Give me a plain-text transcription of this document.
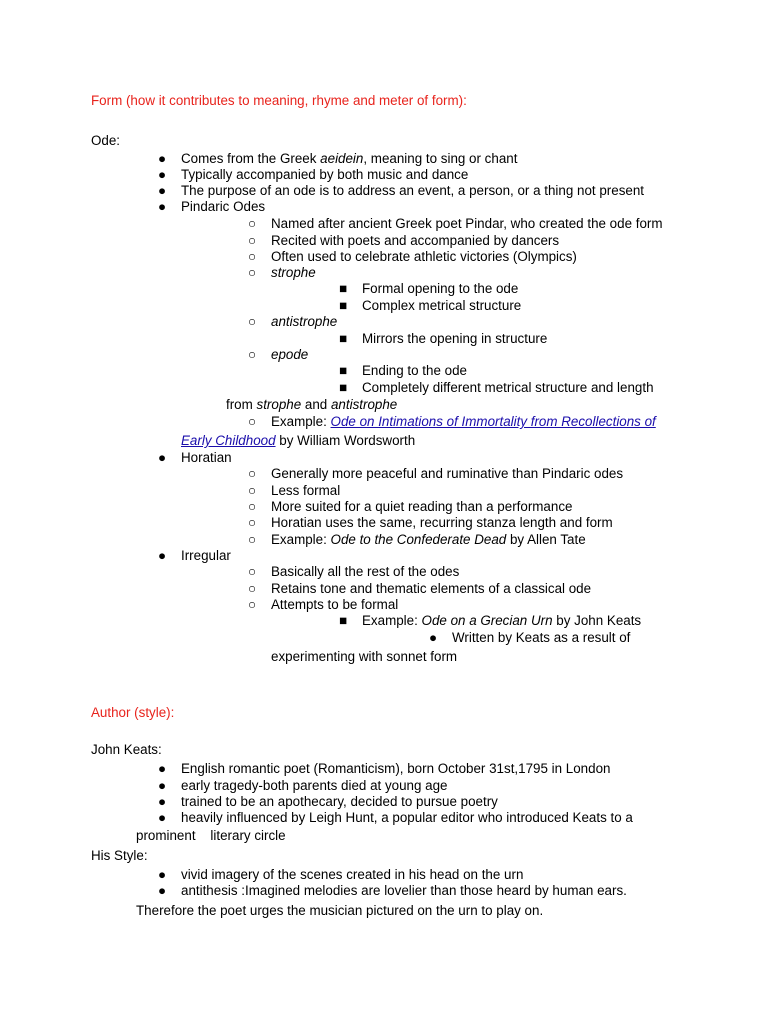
Form (how it contributes to meaning, rhyme and meter of form):
Ode:
● Comes from the Greek aeidein, meaning to sing or chant
● Typically accompanied by both music and dance
● The purpose of an ode is to address an event, a person, or a thing not present
● Pindaric Odes
○ Named after ancient Greek poet Pindar, who created the ode form
○ Recited with poets and accompanied by dancers
○ Often used to celebrate athletic victories (Olympics)
○ strophe
■ Formal opening to the ode
■ Complex metrical structure
○ antistrophe
■ Mirrors the opening in structure
○ epode
■ Ending to the ode
■ Completely different metrical structure and length
from strophe and antistrophe
○ Example: Ode on Intimations of Immortality from Recollections of
Early Childhood by William Wordsworth
● Horatian
○ Generally more peaceful and ruminative than Pindaric odes
○ Less formal
○ More suited for a quiet reading than a performance
○ Horatian uses the same, recurring stanza length and form
○ Example: Ode to the Confederate Dead by Allen Tate
● Irregular
○ Basically all the rest of the odes
○ Retains tone and thematic elements of a classical ode
○ Attempts to be formal
■ Example: Ode on a Grecian Urn by John Keats
● Written by Keats as a result of
experimenting with sonnet form
Author (style):
John Keats:
● English romantic poet (Romanticism), born October 31st,1795 in London
● early tragedy-both parents died at young age
● trained to be an apothecary, decided to pursue poetry
● heavily influenced by Leigh Hunt, a popular editor who introduced Keats to a
prominent    literary circle
His Style:
● vivid imagery of the scenes created in his head on the urn
● antithesis :Imagined melodies are lovelier than those heard by human ears.
Therefore the poet urges the musician pictured on the urn to play on.
